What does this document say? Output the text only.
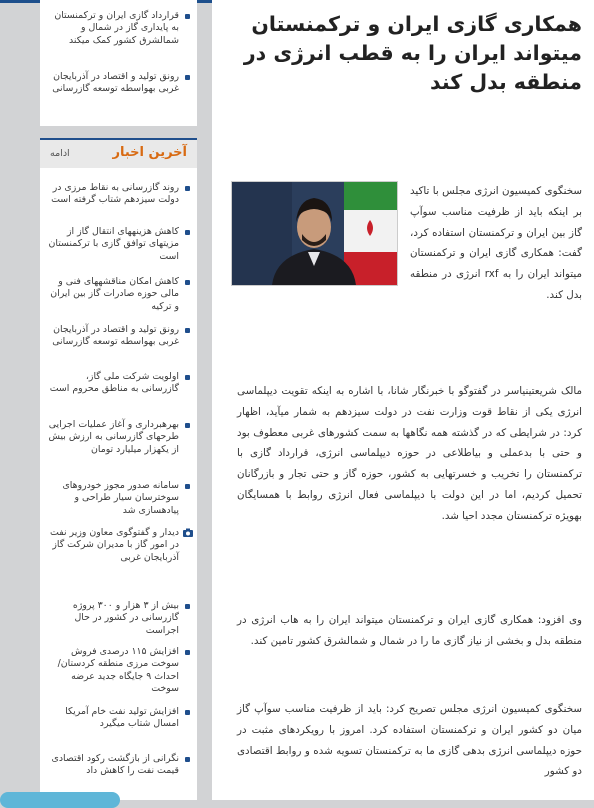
قرارداد گازی ایران و ترکمنستان به پایداری گاز در شمال و شمالشرق کشور کمک میکند
رونق تولید و اقتصاد در آذربایجان غربی بهواسطه توسعه گازرسانی
آخرین اخبار
ادامه
روند گازرسانی به نقاط مرزی در دولت سیزدهم شتاب گرفته است
کاهش هزینههای انتقال گاز از مزیتهای توافق گازی با ترکمنستان است
کاهش امکان مناقشههای فنی و مالی حوزه صادرات گاز بین ایران و ترکیه
رونق تولید و اقتصاد در آذربایجان غربی بهواسطه توسعه گازرسانی
اولویت شرکت ملی گاز، گازرسانی به مناطق محروم است
بهرهبرداری و آغاز عملیات اجرایی طرحهای گازرسانی به ارزش بیش از یکهزار میلیارد تومان
سامانه صدور مجوز خودروهای سوخترسان سیار طراحی و پیادهسازی شد
دیدار و گفتوگوی معاون وزیر نفت در امور گاز با مدیران شرکت گاز آذربایجان غربی
بیش از ۳ هزار و ۳۰۰ پروژه گازرسانی در کشور در حال اجراست
افزایش ۱۱۵ درصدی فروش سوخت مرزی منطقه کردستان/ احداث ۹ جایگاه جدید عرضه سوخت
افزایش تولید نفت خام آمریکا امسال شتاب میگیرد
نگرانی از بازگشت رکود اقتصادی قیمت نفت را کاهش داد
همکاری گازی ایران و ترکمنستان میتواند ایران را به قطب انرژی در منطقه بدل کند
سخنگوی کمیسیون انرژی مجلس با تاکید بر اینکه باید از ظرفیت مناسب سوآپ گاز بین ایران و ترکمنستان استفاده کرد، گفت: همکاری گازی ایران و ترکمنستان میتواند ایران را به rxf انرژی در منطقه بدل کند.
مالک شریعتینیاسر در گفتوگو با خبرنگار شانا، با اشاره به اینکه تقویت دیپلماسی انرژی یکی از نقاط قوت وزارت نفت در دولت سیزدهم به شمار میآید، اظهار کرد: در شرایطی که در گذشته همه نگاهها به سمت کشورهای غربی معطوف بود و حتی با بدعملی و بیاطلاعی در حوزه دیپلماسی انرژی، قرارداد گازی با ترکمنستان را تخریب و خسرتهایی به کشور، حوزه گاز و حتی تجار و بازرگانان تحمیل کردیم، اما در این دولت با دیپلماسی فعال انرژی روابط با همسایگان بهویژه ترکمنستان مجدد احیا شد.
وی افزود: همکاری گازی ایران و ترکمنستان میتواند ایران را به هاب انرژی در منطقه بدل و بخشی از نیاز گازی ما را در شمال و شمالشرق کشور تامین کند.
سخنگوی کمیسیون انرژی مجلس تصریح کرد: باید از ظرفیت مناسب سوآپ گاز میان دو کشور ایران و ترکمنستان استفاده کرد. امروز با رویکردهای مثبت در حوزه دیپلماسی انرژی بدهی گازی ما به ترکمنستان تسویه شده و روابط اقتصادی دو کشور
